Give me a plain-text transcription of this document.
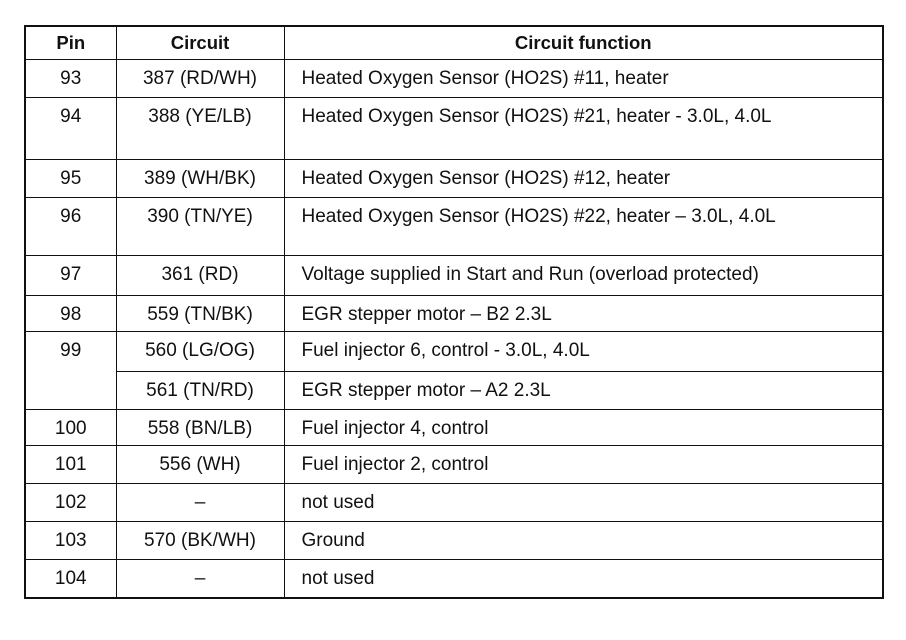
Pin	Circuit	Circuit function
93	387 (RD/WH)	Heated Oxygen Sensor (HO2S) #11, heater
94	388 (YE/LB)	Heated Oxygen Sensor (HO2S) #21, heater - 3.0L, 4.0L
95	389 (WH/BK)	Heated Oxygen Sensor (HO2S) #12, heater
96	390 (TN/YE)	Heated Oxygen Sensor (HO2S) #22, heater – 3.0L, 4.0L
97	361 (RD)	Voltage supplied in Start and Run (overload protected)
98	559 (TN/BK)	EGR stepper motor – B2 2.3L
99	560 (LG/OG)	Fuel injector 6, control - 3.0L, 4.0L
	561 (TN/RD)	EGR stepper motor – A2 2.3L
100	558 (BN/LB)	Fuel injector 4, control
101	556 (WH)	Fuel injector 2, control
102	–	not used
103	570 (BK/WH)	Ground
104	–	not used
